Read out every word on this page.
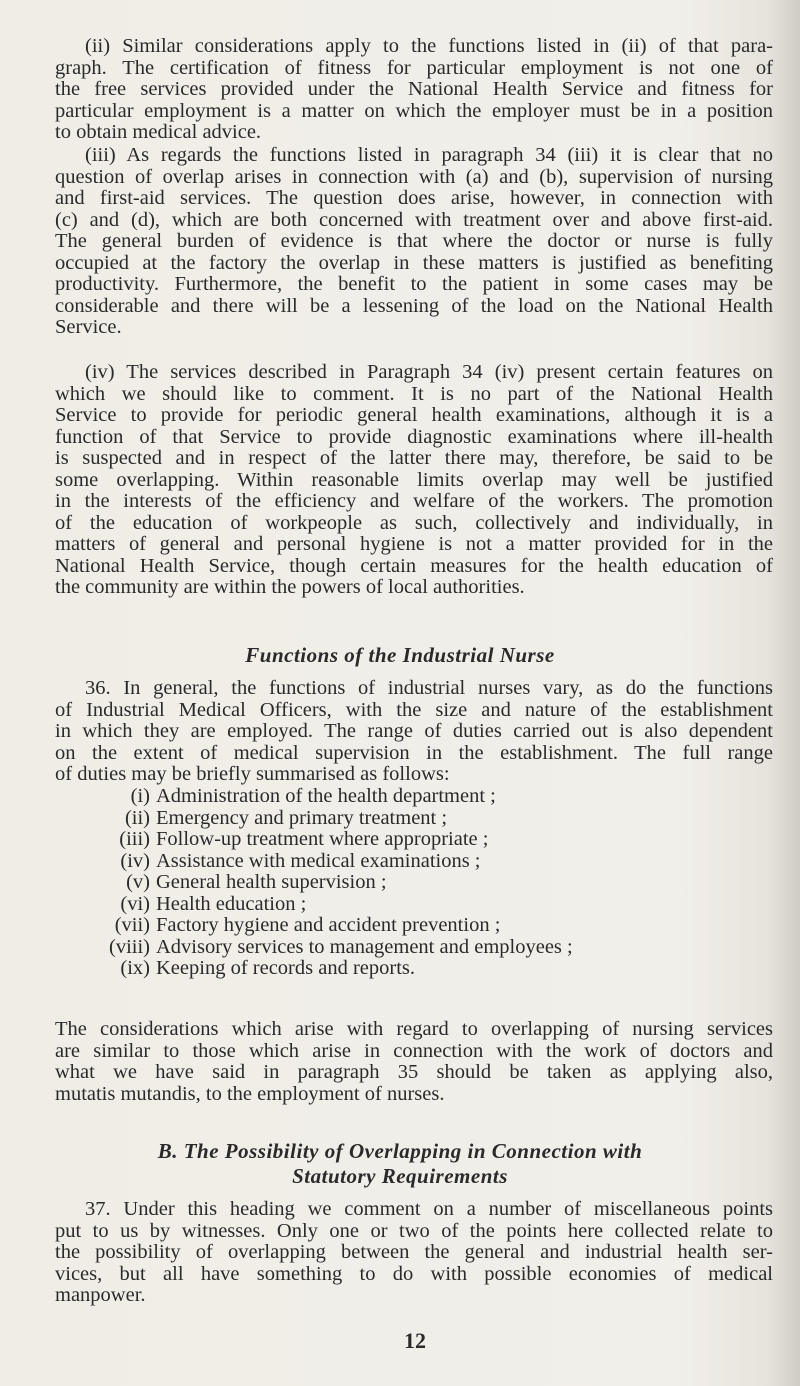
(ii) Similar considerations apply to the functions listed in (ii) of that para-
graph. The certification of fitness for particular employment is not one of
the free services provided under the National Health Service and fitness for
particular employment is a matter on which the employer must be in a position
to obtain medical advice.
(iii) As regards the functions listed in paragraph 34 (iii) it is clear that no
question of overlap arises in connection with (a) and (b), supervision of nursing
and first-aid services. The question does arise, however, in connection with
(c) and (d), which are both concerned with treatment over and above first-aid.
The general burden of evidence is that where the doctor or nurse is fully
occupied at the factory the overlap in these matters is justified as benefiting
productivity. Furthermore, the benefit to the patient in some cases may be
considerable and there will be a lessening of the load on the National Health
Service.
(iv) The services described in Paragraph 34 (iv) present certain features on
which we should like to comment. It is no part of the National Health
Service to provide for periodic general health examinations, although it is a
function of that Service to provide diagnostic examinations where ill-health
is suspected and in respect of the latter there may, therefore, be said to be
some overlapping. Within reasonable limits overlap may well be justified
in the interests of the efficiency and welfare of the workers. The promotion
of the education of workpeople as such, collectively and individually, in
matters of general and personal hygiene is not a matter provided for in the
National Health Service, though certain measures for the health education of
the community are within the powers of local authorities.
Functions of the Industrial Nurse
36. In general, the functions of industrial nurses vary, as do the functions
of Industrial Medical Officers, with the size and nature of the establishment
in which they are employed. The range of duties carried out is also dependent
on the extent of medical supervision in the establishment. The full range
of duties may be briefly summarised as follows:
(i) Administration of the health department ;
(ii) Emergency and primary treatment ;
(iii) Follow-up treatment where appropriate ;
(iv) Assistance with medical examinations ;
(v) General health supervision ;
(vi) Health education ;
(vii) Factory hygiene and accident prevention ;
(viii) Advisory services to management and employees ;
(ix) Keeping of records and reports.
The considerations which arise with regard to overlapping of nursing services
are similar to those which arise in connection with the work of doctors and
what we have said in paragraph 35 should be taken as applying also,
mutatis mutandis, to the employment of nurses.
B. The Possibility of Overlapping in Connection with
Statutory Requirements
37. Under this heading we comment on a number of miscellaneous points
put to us by witnesses. Only one or two of the points here collected relate to
the possibility of overlapping between the general and industrial health ser-
vices, but all have something to do with possible economies of medical
manpower.
12
